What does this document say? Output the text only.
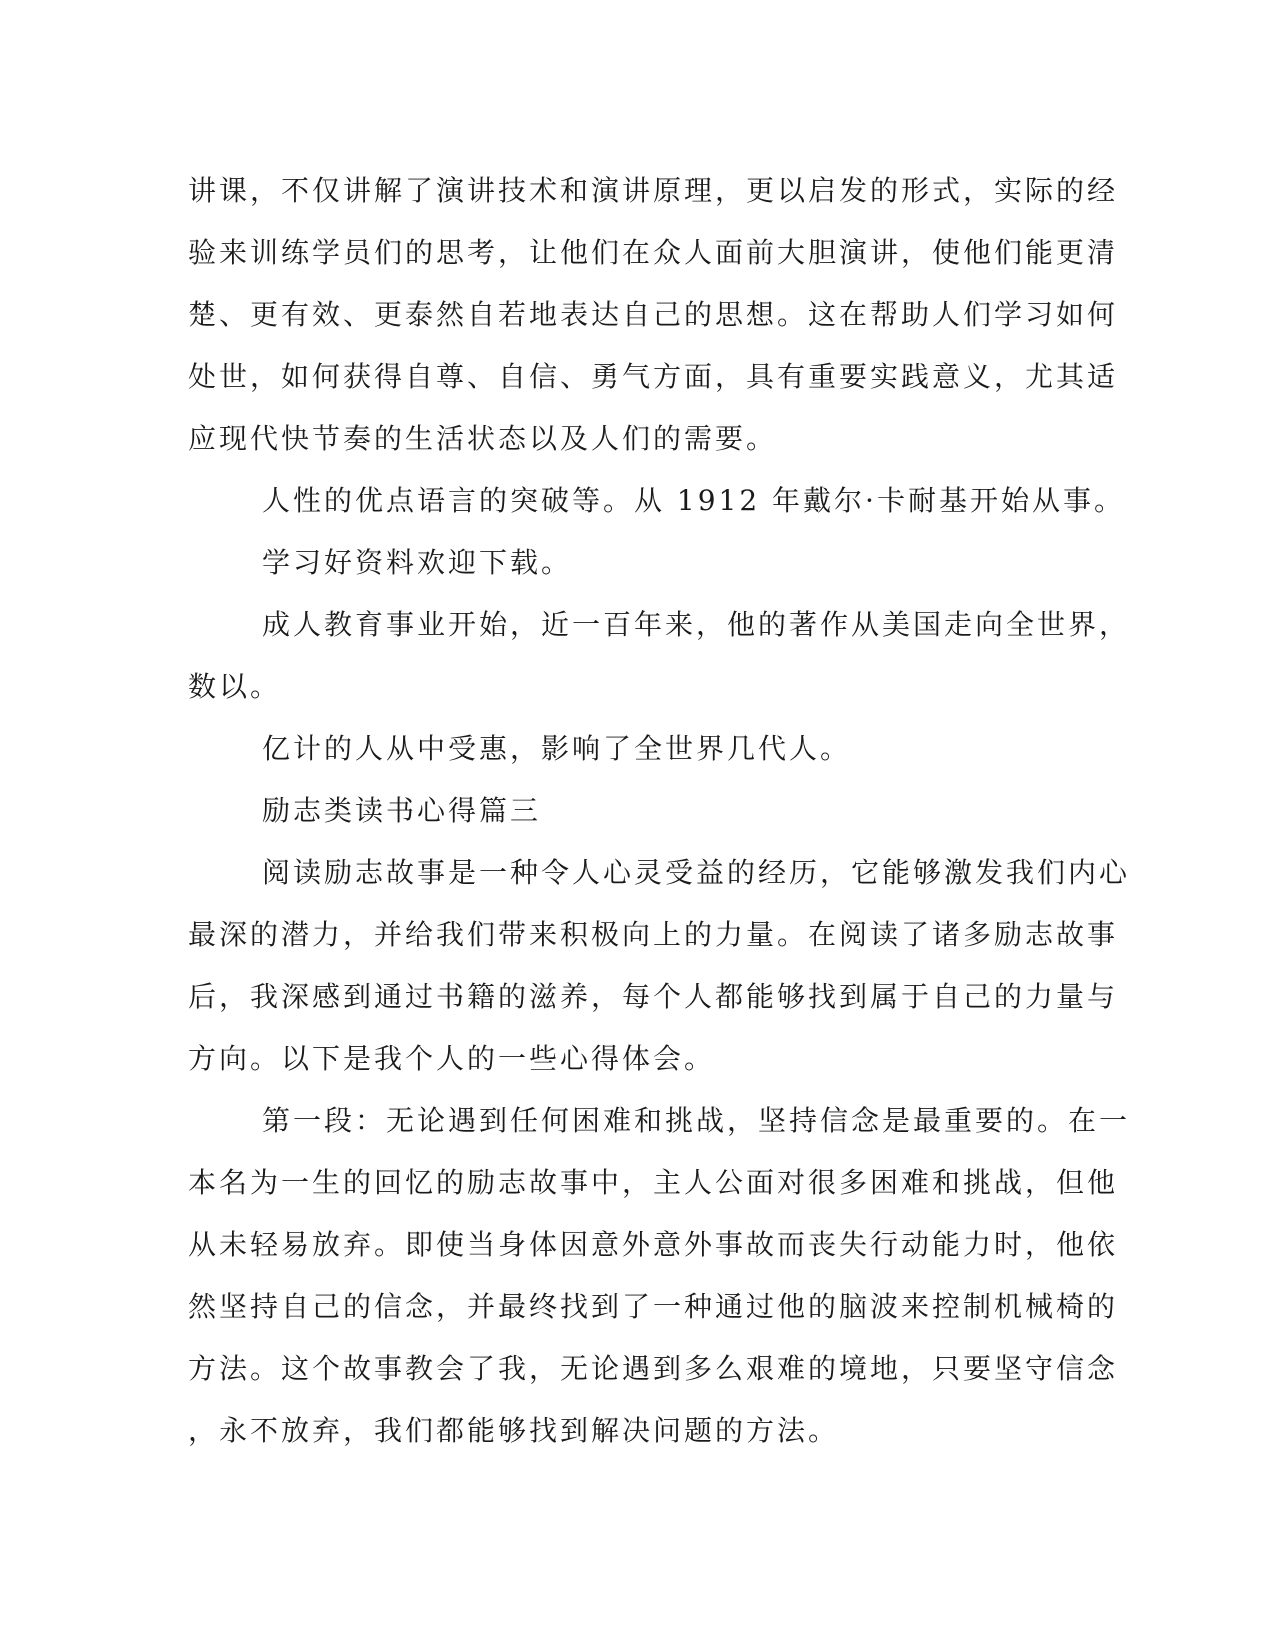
讲课，不仅讲解了演讲技术和演讲原理，更以启发的形式，实际的经
验来训练学员们的思考，让他们在众人面前大胆演讲，使他们能更清
楚、更有效、更泰然自若地表达自己的思想。这在帮助人们学习如何
处世，如何获得自尊、自信、勇气方面，具有重要实践意义，尤其适
应现代快节奏的生活状态以及人们的需要。
人性的优点语言的突破等。从 1912 年戴尔·卡耐基开始从事。
学习好资料欢迎下载。
成人教育事业开始，近一百年来，他的著作从美国走向全世界，
数以。
亿计的人从中受惠，影响了全世界几代人。
励志类读书心得篇三
阅读励志故事是一种令人心灵受益的经历，它能够激发我们内心
最深的潜力，并给我们带来积极向上的力量。在阅读了诸多励志故事
后，我深感到通过书籍的滋养，每个人都能够找到属于自己的力量与
方向。以下是我个人的一些心得体会。
第一段：无论遇到任何困难和挑战，坚持信念是最重要的。在一
本名为一生的回忆的励志故事中，主人公面对很多困难和挑战，但他
从未轻易放弃。即使当身体因意外意外事故而丧失行动能力时，他依
然坚持自己的信念，并最终找到了一种通过他的脑波来控制机械椅的
方法。这个故事教会了我，无论遇到多么艰难的境地，只要坚守信念
，永不放弃，我们都能够找到解决问题的方法。
